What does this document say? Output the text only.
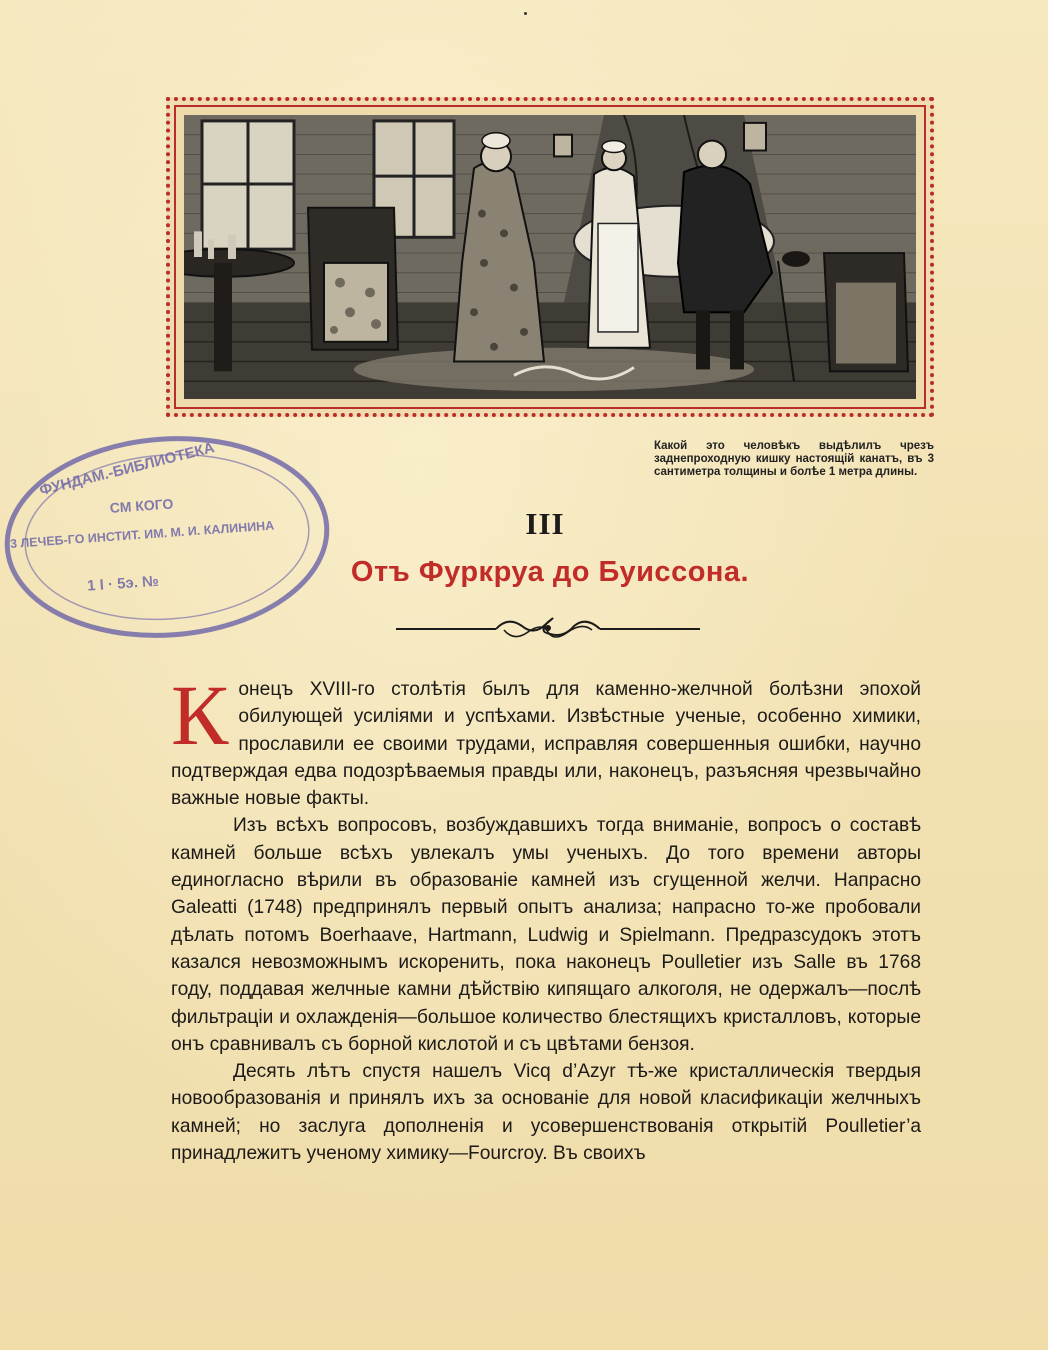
Какой это человѣкъ выдѣлилъ чрезъ заднепроходную кишку настоящій канатъ, въ 3 сантиметра толщины и болѣе 1 метра длины.
ФУНДАМ.-БИБЛИОТЕКА
СМ КОГО
3 ЛЕЧЕБ-ГО ИНСТИТ. ИМ. М. И. КАЛИНИНА
1 I · 5э. №
III
Отъ Фуркруа до Буиссона.

Конецъ XVIII-го столѣтія былъ для каменно-желчной болѣзни эпохой обилующей усиліями и успѣхами. Извѣстные ученые, особенно химики, прославили ее своими трудами, исправляя совершенныя ошибки, научно подтверждая едва подозрѣваемыя правды или, наконецъ, разъясняя чрезвычайно важные новые факты.

Изъ всѣхъ вопросовъ, возбуждавшихъ тогда вниманіе, вопросъ о составѣ камней больше всѣхъ увлекалъ умы ученыхъ. До того времени авторы единогласно вѣрили въ образованіе камней изъ сгущенной желчи. Напрасно Galeatti (1748) предпринялъ первый опытъ анализа; напрасно то-же пробовали дѣлать потомъ Boerhaave, Hartmann, Ludwig и Spielmann. Предразсудокъ этотъ казался невозможнымъ искоренить, пока наконецъ Poulletier изъ Salle въ 1768 году, поддавая желчные камни дѣйствію кипящаго алкоголя, не одержалъ—послѣ фильтраціи и охлажденія—большое количество блестящихъ кристалловъ, которые онъ сравнивалъ съ борной кислотой и съ цвѣтами бензоя.

Десять лѣтъ спустя нашелъ Vicq d’Azyr тѣ-же кристаллическія твердыя новообразованія и принялъ ихъ за основаніе для новой класификаціи желчныхъ камней; но заслуга дополненія и усовершенствованія открытій Poulletier’а принадлежитъ ученому химику—Fourcroy. Въ своихъ
